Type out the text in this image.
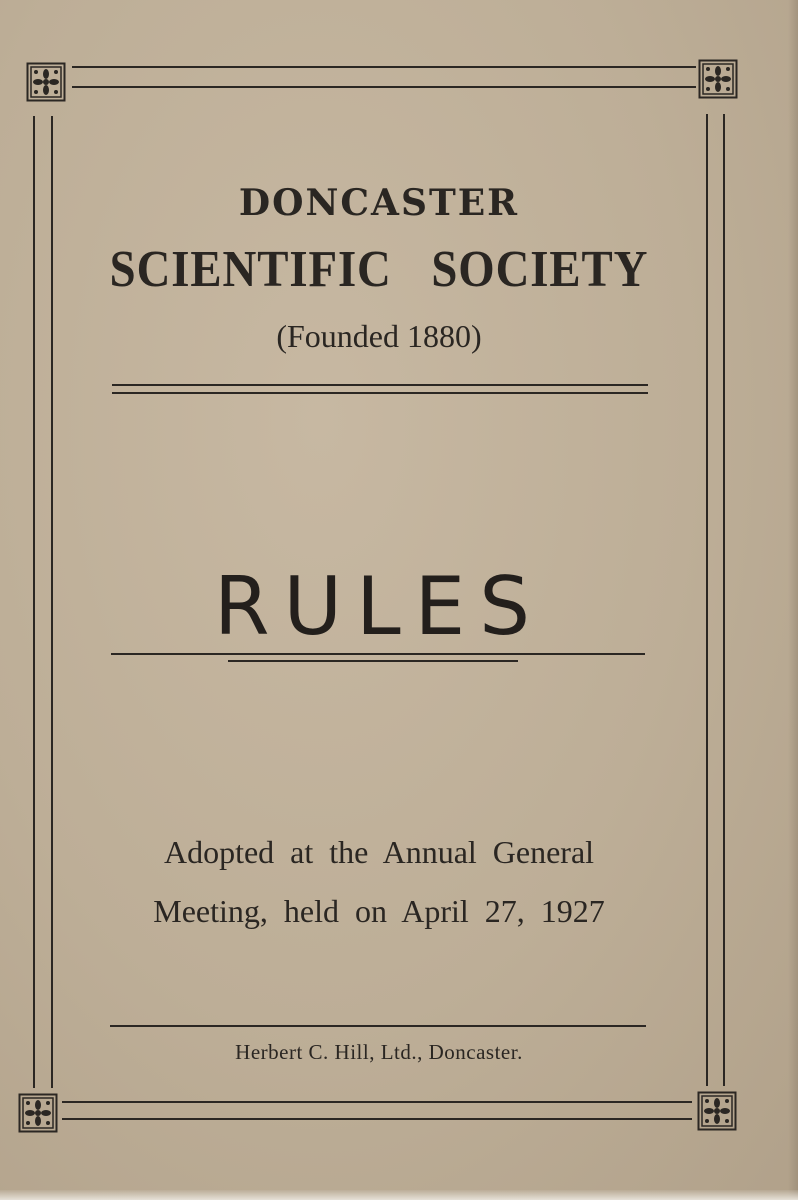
DONCASTER
SCIENTIFIC SOCIETY
(Founded 1880)
RULES
Adopted at the Annual General
Meeting, held on April 27, 1927
Herbert C. Hill, Ltd., Doncaster.
